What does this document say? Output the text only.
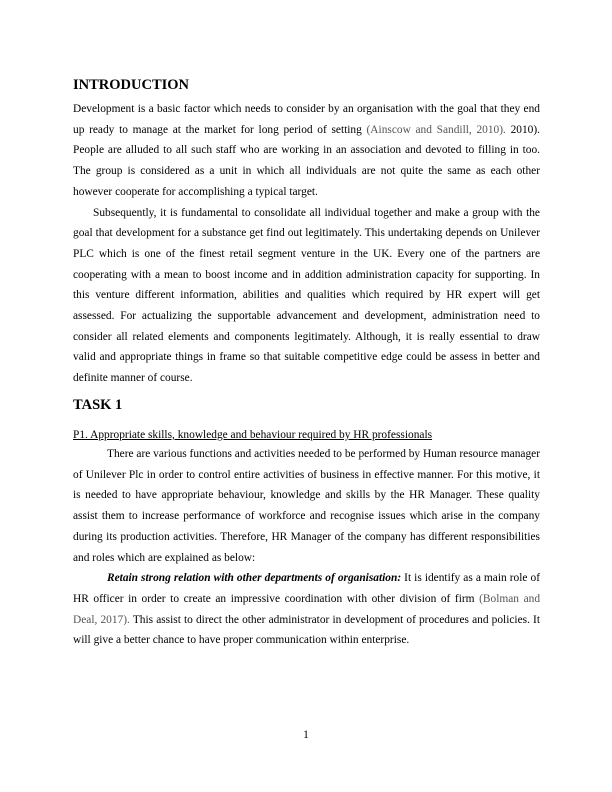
INTRODUCTION

Development is a basic factor which needs to consider by an organisation with the goal that they end up ready to manage at the market for long period of setting (Ainscow and Sandill, 2010). 2010). People are alluded to all such staff who are working in an association and devoted to filling in too. The group is considered as a unit in which all individuals are not quite the same as each other however cooperate for accomplishing a typical target.

Subsequently, it is fundamental to consolidate all individual together and make a group with the goal that development for a substance get find out legitimately. This undertaking depends on Unilever PLC which is one of the finest retail segment venture in the UK. Every one of the partners are cooperating with a mean to boost income and in addition administration capacity for supporting. In this venture different information, abilities and qualities which required by HR expert will get assessed. For actualizing the supportable advancement and development, administration need to consider all related elements and components legitimately. Although, it is really essential to draw valid and appropriate things in frame so that suitable competitive edge could be assess in better and definite manner of course.

TASK 1

P1. Appropriate skills, knowledge and behaviour required by HR professionals

There are various functions and activities needed to be performed by Human resource manager of Unilever Plc in order to control entire activities of business in effective manner. For this motive, it is needed to have appropriate behaviour, knowledge and skills by the HR Manager. These quality assist them to increase performance of workforce and recognise issues which arise in the company during its production activities. Therefore, HR Manager of the company has different responsibilities and roles which are explained as below:

Retain strong relation with other departments of organisation: It is identify as a main role of HR officer in order to create an impressive coordination with other division of firm (Bolman and Deal, 2017). This assist to direct the other administrator in development of procedures and policies. It will give a better chance to have proper communication within enterprise.

1
